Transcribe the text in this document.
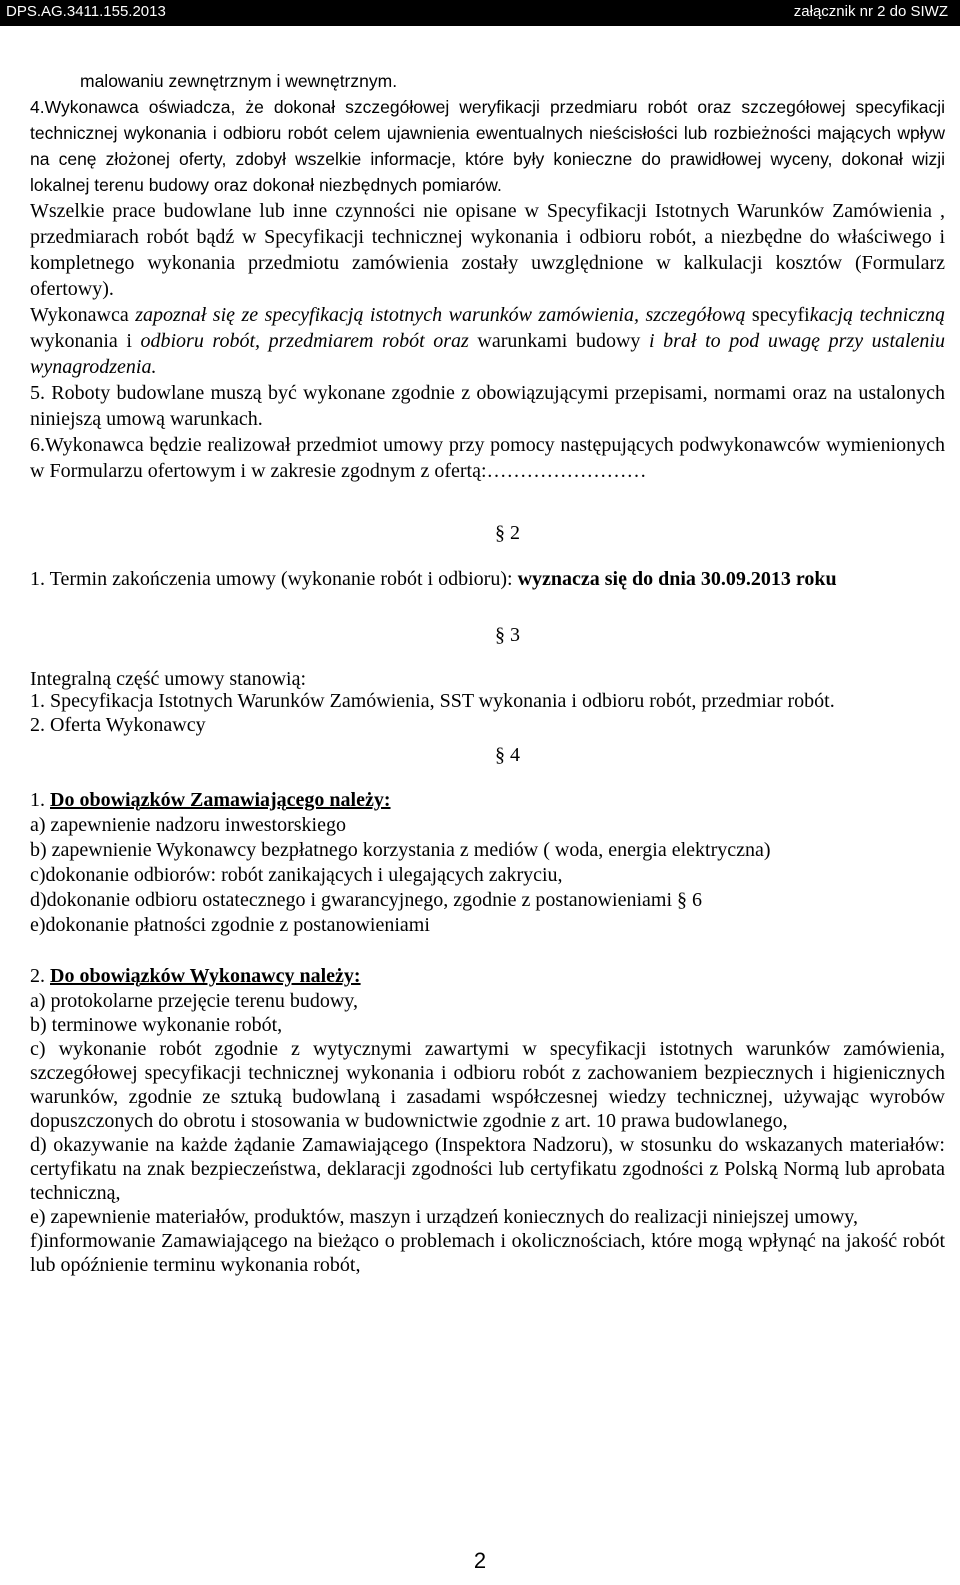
DPS.AG.3411.155.2013	załącznik nr 2 do SIWZ

malowaniu zewnętrznym i wewnętrznym.

4.Wykonawca oświadcza, że dokonał szczegółowej weryfikacji przedmiaru robót oraz szczegółowej specyfikacji technicznej wykonania i odbioru robót celem ujawnienia ewentualnych nieścisłości lub rozbieżności mających wpływ na cenę złożonej oferty, zdobył wszelkie informacje, które były konieczne do prawidłowej wyceny, dokonał wizji lokalnej terenu budowy oraz dokonał niezbędnych pomiarów.

Wszelkie prace budowlane lub inne czynności nie opisane w Specyfikacji Istotnych Warunków Zamówienia , przedmiarach robót bądź w Specyfikacji technicznej wykonania i odbioru robót, a niezbędne do właściwego i kompletnego wykonania przedmiotu zamówienia zostały uwzględnione w kalkulacji kosztów (Formularz ofertowy).

Wykonawca zapoznał się ze specyfikacją istotnych warunków zamówienia, szczegółową specyfikacją techniczną wykonania i odbioru robót, przedmiarem robót oraz warunkami budowy i brał to pod uwagę przy ustaleniu wynagrodzenia.

5. Roboty budowlane muszą być wykonane zgodnie z obowiązującymi przepisami, normami oraz na ustalonych niniejszą umową warunkach.

6.Wykonawca będzie realizował przedmiot umowy przy pomocy następujących podwykonawców wymienionych w Formularzu ofertowym i w zakresie zgodnym z ofertą:……………………

§ 2

1. Termin zakończenia umowy (wykonanie robót i odbioru): wyznacza się do dnia 30.09.2013 roku

§ 3

Integralną część umowy stanowią:

1. Specyfikacja Istotnych Warunków Zamówienia, SST wykonania i odbioru robót, przedmiar robót.

2. Oferta Wykonawcy

§ 4

1. Do obowiązków Zamawiającego należy:

a) zapewnienie nadzoru inwestorskiego

b) zapewnienie Wykonawcy bezpłatnego korzystania z mediów ( woda, energia elektryczna)

c)dokonanie odbiorów: robót zanikających i ulegających zakryciu,

d)dokonanie odbioru ostatecznego i gwarancyjnego, zgodnie z postanowieniami § 6

e)dokonanie płatności zgodnie z postanowieniami

2. Do obowiązków Wykonawcy należy:

a) protokolarne przejęcie terenu budowy,

b) terminowe wykonanie robót,

c) wykonanie robót zgodnie z wytycznymi zawartymi w specyfikacji istotnych warunków zamówienia, szczegółowej specyfikacji technicznej wykonania i odbioru robót z zachowaniem bezpiecznych i higienicznych warunków, zgodnie ze sztuką budowlaną i zasadami współczesnej wiedzy technicznej, używając wyrobów dopuszczonych do obrotu i stosowania w budownictwie zgodnie z art. 10 prawa budowlanego,

d) okazywanie na każde żądanie Zamawiającego (Inspektora Nadzoru), w stosunku do wskazanych materiałów: certyfikatu na znak bezpieczeństwa, deklaracji zgodności lub certyfikatu zgodności z Polską Normą lub aprobata techniczną,

e) zapewnienie materiałów, produktów, maszyn i urządzeń koniecznych do realizacji niniejszej umowy,

f)informowanie Zamawiającego na bieżąco o problemach i okolicznościach, które mogą wpłynąć na jakość robót lub opóźnienie terminu wykonania robót,

2
